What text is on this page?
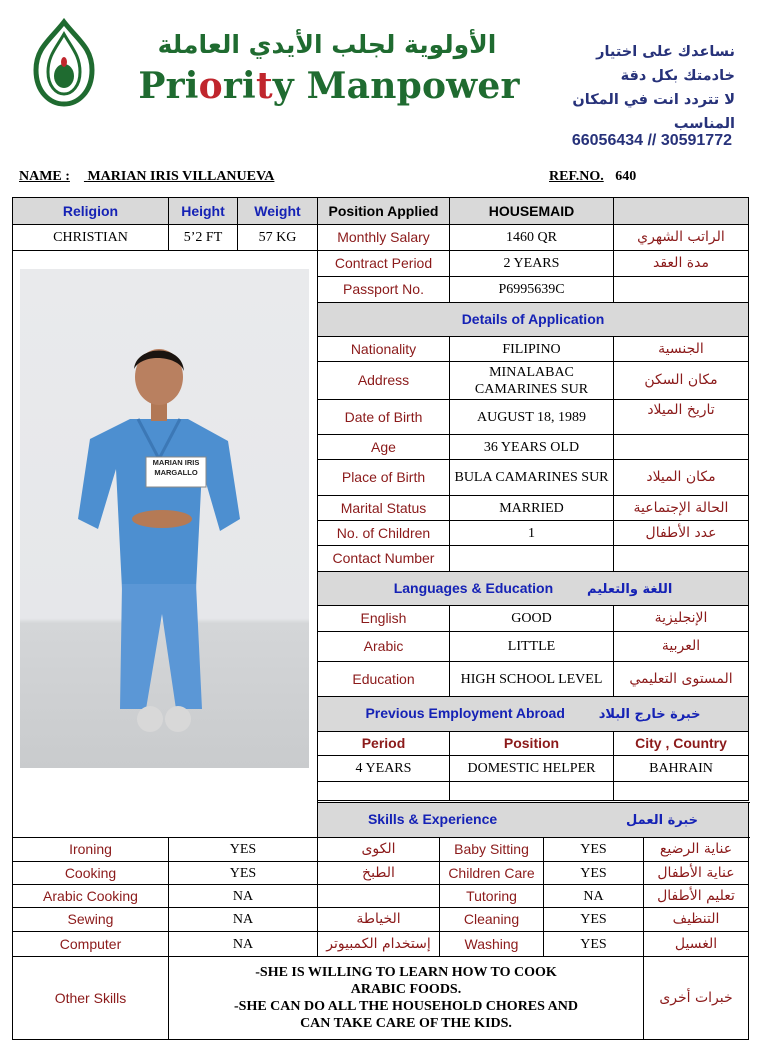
الأولوية لجلب الأيدي العاملة
Priority Manpower
نساعدك على اختيار خادمتك بكل دقة
لا تتردد انت في المكان المناسب
66056434 // 30591772
NAME : MARIAN IRIS VILLANUEVA	REF.NO. 640
MARIAN IRIS
MARGALLO
Religion	Height	Weight	Position Applied	HOUSEMAID	
CHRISTIAN	5’2 FT	57 KG	Monthly Salary	1460 QR	الراتب الشهري
			Contract Period	2 YEARS	مدة العقد
			Passport No.	P6995639C	
			Details of Application		
			Nationality	FILIPINO	الجنسية
			Address	MINALABAC CAMARINES SUR	مكان السكن
			Date of Birth	AUGUST 18, 1989	تاريخ الميلاد
			Age	36 YEARS OLD	
			Place of Birth	BULA CAMARINES SUR	مكان الميلاد
			Marital Status	MARRIED	الحالة الإجتماعية
			No. of Children	1	عدد الأطفال
			Contact Number		
			Languages & Education اللغة والتعليم		
			English	GOOD	الإنجليزية
			Arabic	LITTLE	العربية
			Education	HIGH SCHOOL LEVEL	المستوى التعليمي
			Previous Employment Abroad خبرة خارج البلاد		
			Period	Position	City , Country
			4 YEARS	DOMESTIC HELPER	BAHRAIN

			Skills & Experience خبرة العمل		
Ironing	YES	الكوى	Baby Sitting	YES	عناية الرضيع
Cooking	YES	الطبخ	Children Care	YES	عناية الأطفال
Arabic Cooking	NA		Tutoring	NA	تعليم الأطفال
Sewing	NA	الخياطة	Cleaning	YES	التنظيف
Computer	NA	إستخدام الكمبيوتر	Washing	YES	الغسيل
Other Skills	-SHE IS WILLING TO LEARN HOW TO COOK
ARABIC FOODS.
-SHE CAN DO ALL THE HOUSEHOLD CHORES AND
CAN TAKE CARE OF THE KIDS.				خبرات أخرى
